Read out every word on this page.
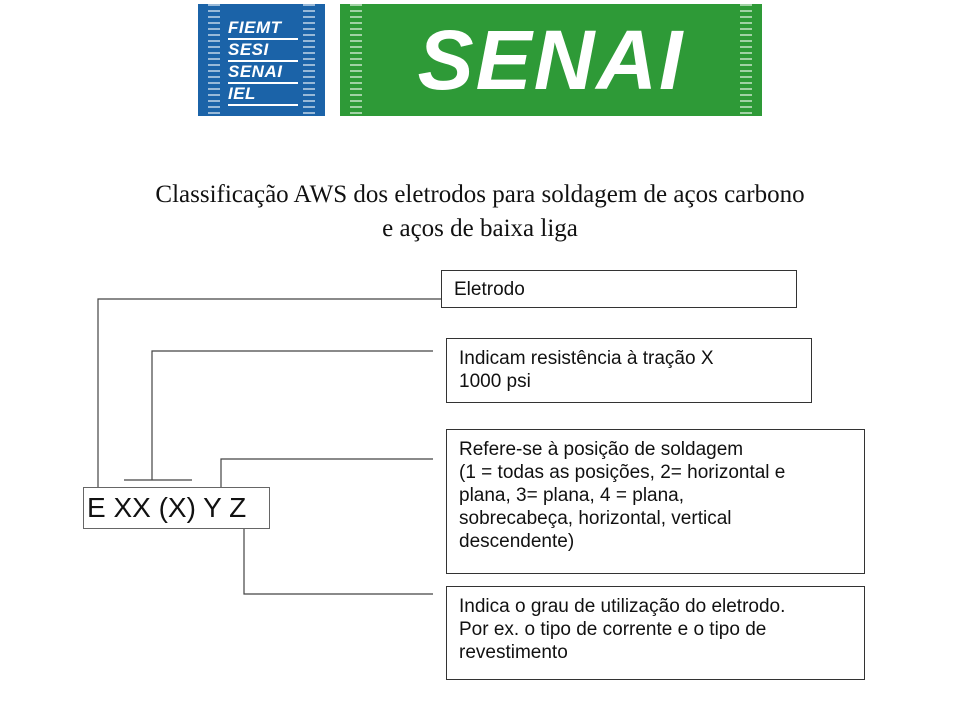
FIEMT
SESI
SENAI
IEL	SENAI
Classificação AWS dos eletrodos para soldagem de aços carbono
e aços de baixa liga
E XX (X) Y Z
Eletrodo
Indicam resistência à tração X
1000 psi
Refere-se à posição de soldagem
(1 = todas as posições, 2= horizontal e
plana, 3= plana, 4 = plana,
sobrecabeça, horizontal, vertical
descendente)
Indica o grau de utilização do eletrodo.
Por ex. o tipo de corrente e o tipo de
revestimento
